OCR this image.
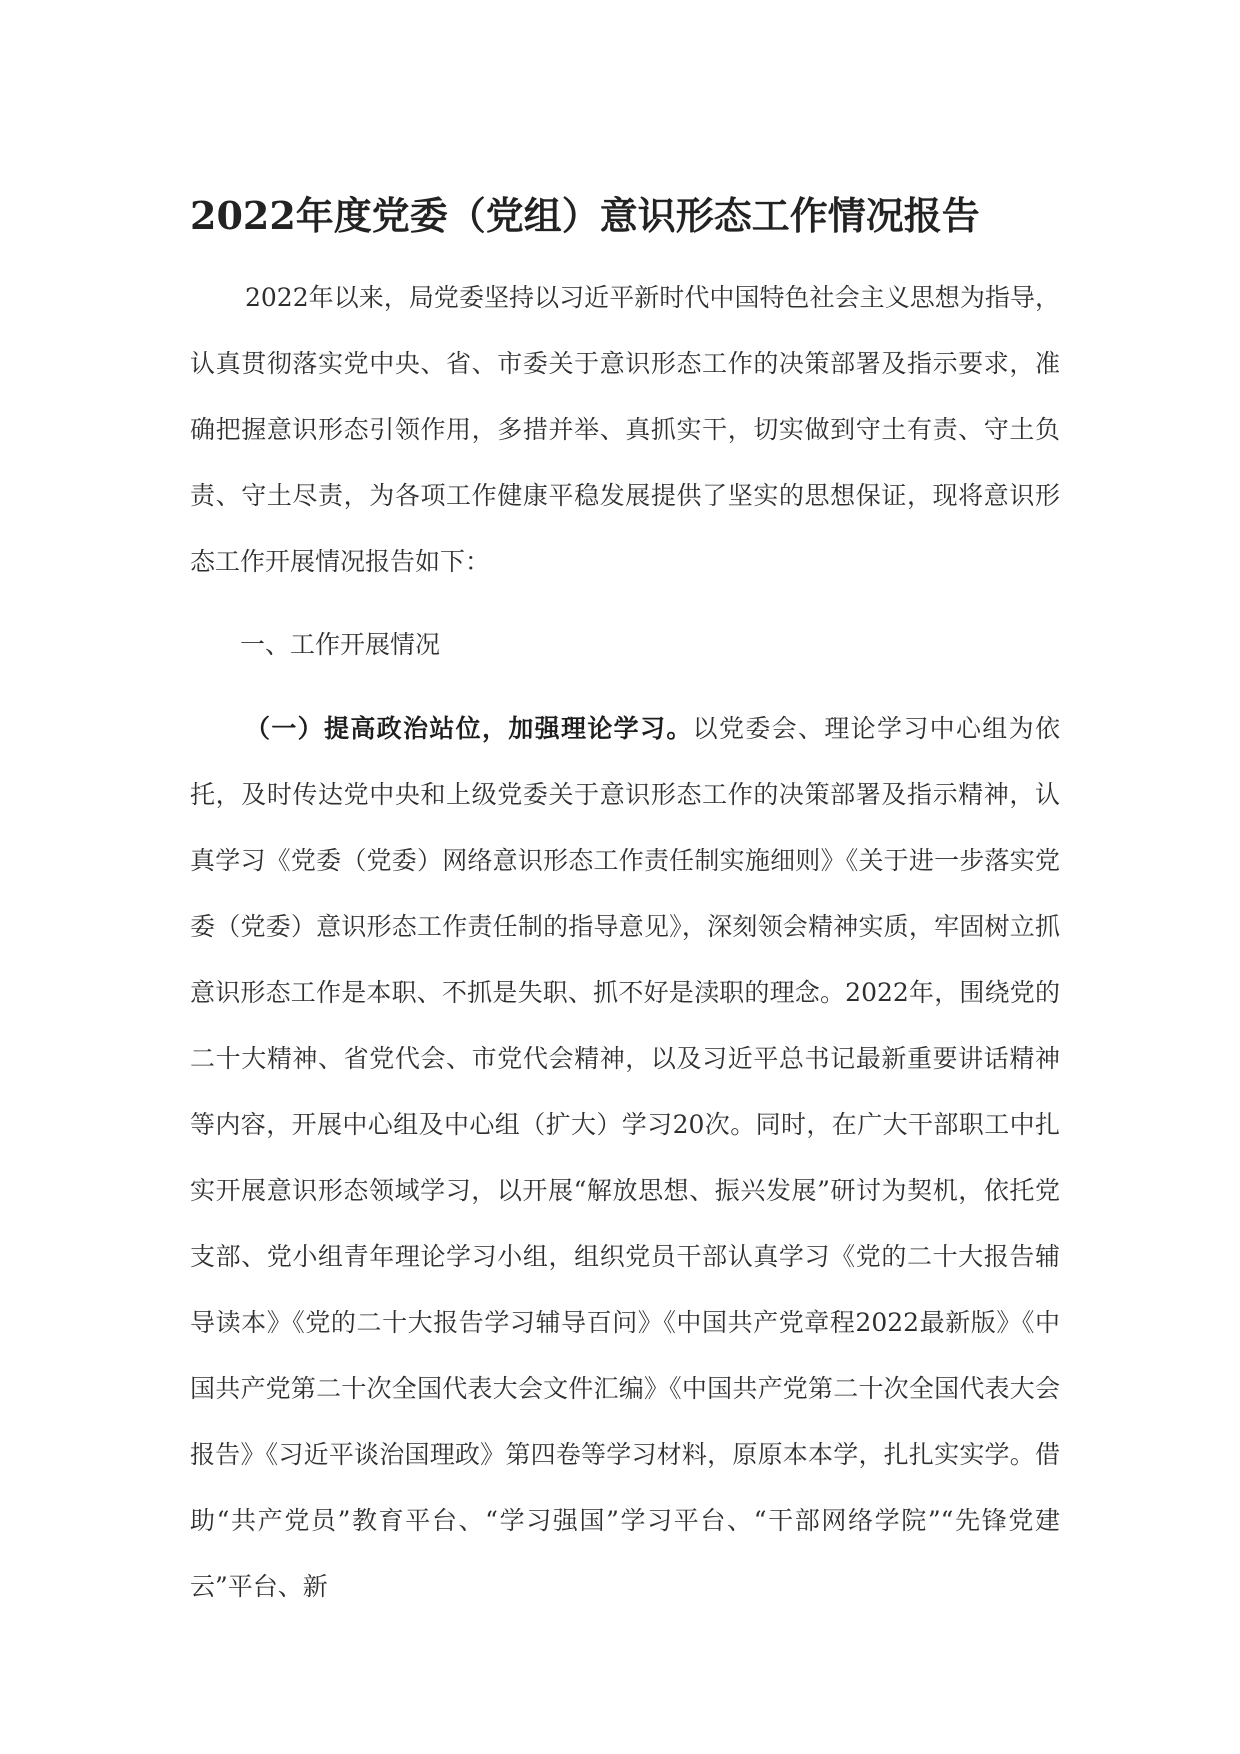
2022年度党委（党组）意识形态工作情况报告

2022年以来，局党委坚持以习近平新时代中国特色社会主义思想为指导，认真贯彻落实党中央、省、市委关于意识形态工作的决策部署及指示要求，准确把握意识形态引领作用，多措并举、真抓实干，切实做到守土有责、守土负责、守土尽责，为各项工作健康平稳发展提供了坚实的思想保证，现将意识形态工作开展情况报告如下：

一、工作开展情况

（一）提高政治站位，加强理论学习。以党委会、理论学习中心组为依托，及时传达党中央和上级党委关于意识形态工作的决策部署及指示精神，认真学习《党委（党委）网络意识形态工作责任制实施细则》《关于进一步落实党委（党委）意识形态工作责任制的指导意见》，深刻领会精神实质，牢固树立抓意识形态工作是本职、不抓是失职、抓不好是渎职的理念。2022年，围绕党的二十大精神、省党代会、市党代会精神，以及习近平总书记最新重要讲话精神等内容，开展中心组及中心组（扩大）学习20次。同时，在广大干部职工中扎实开展意识形态领域学习，以开展“解放思想、振兴发展”研讨为契机，依托党支部、党小组青年理论学习小组，组织党员干部认真学习《党的二十大报告辅导读本》《党的二十大报告学习辅导百问》《中国共产党章程2022最新版》《中国共产党第二十次全国代表大会文件汇编》《中国共产党第二十次全国代表大会报告》《习近平谈治国理政》第四卷等学习材料，原原本本学，扎扎实实学。借助“共产党员”教育平台、“学习强国”学习平台、“干部网络学院”“先锋党建云”平台、新
